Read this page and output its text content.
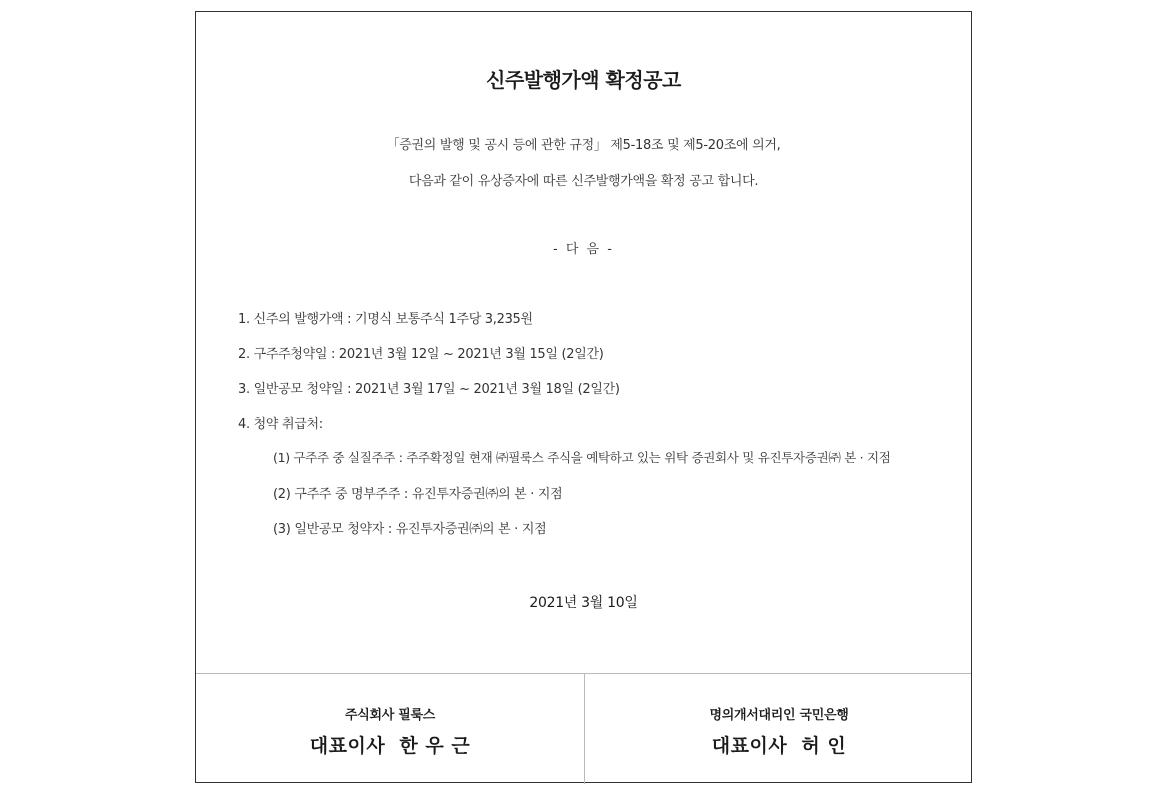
신주발행가액 확정공고
「증권의 발행 및 공시 등에 관한 규정」 제5-18조 및 제5-20조에 의거,
다음과 같이 유상증자에 따른 신주발행가액을 확정 공고 합니다.
- 다 음 -
1. 신주의 발행가액 : 기명식 보통주식 1주당 3,235원
2. 구주주청약일 : 2021년 3월 12일 ~ 2021년 3월 15일 (2일간)
3. 일반공모 청약일 : 2021년 3월 17일 ~ 2021년 3월 18일 (2일간)
4. 청약 취급처:
(1) 구주주 중 실질주주 : 주주확정일 현재 ㈜필룩스 주식을 예탁하고 있는 위탁 증권회사 및 유진투자증권㈜ 본 · 지점
(2) 구주주 중 명부주주 : 유진투자증권㈜의 본 · 지점
(3) 일반공모 청약자 : 유진투자증권㈜의 본 · 지점
2021년 3월 10일
주식회사 필룩스
대표이사  한 우 근
명의개서대리인 국민은행
대표이사  허 인
